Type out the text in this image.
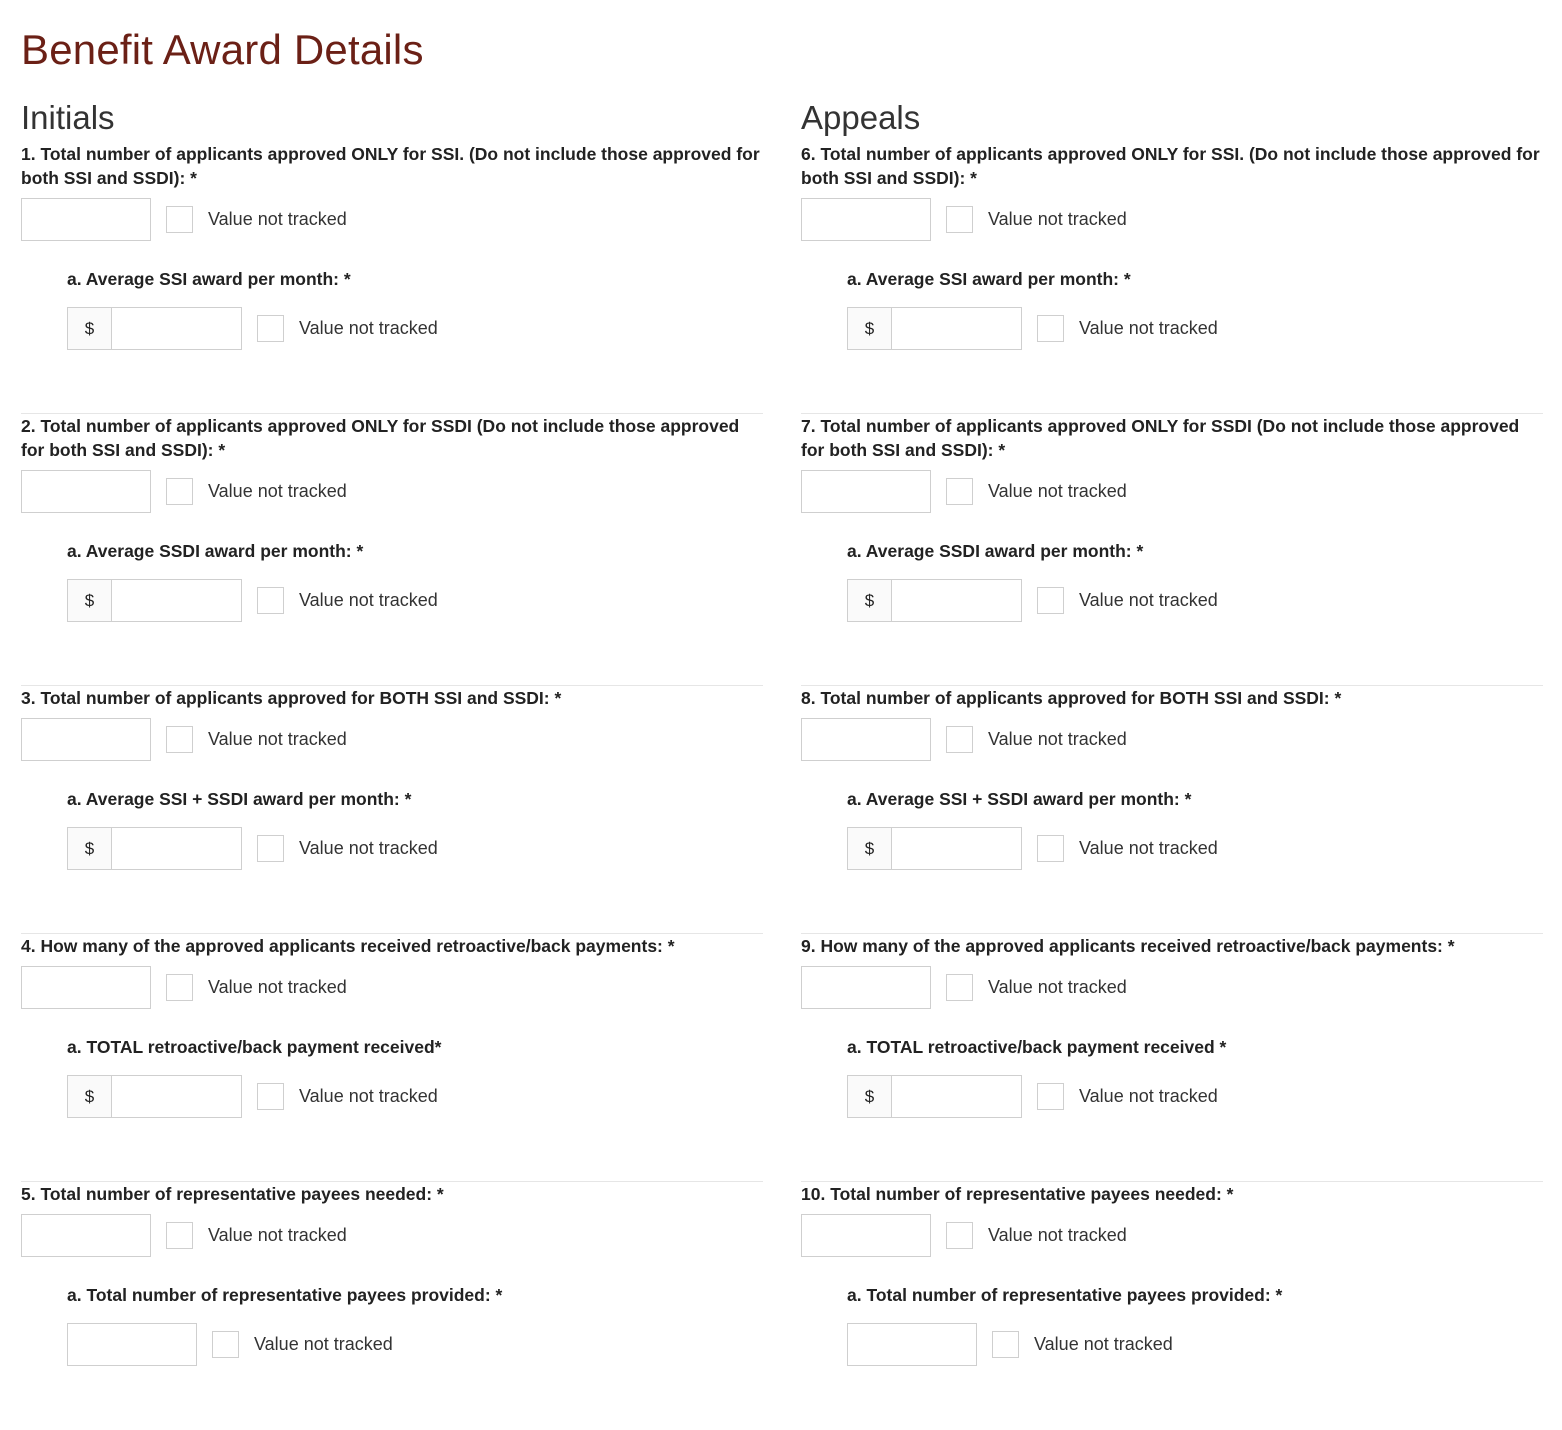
Benefit Award Details
Initials

1. Total number of applicants approved ONLY for SSI. (Do not include those approved for both SSI and SSDI): *

Value not tracked

a. Average SSI award per month: *

$	Value not tracked

2. Total number of applicants approved ONLY for SSDI (Do not include those approved for both SSI and SSDI): *

Value not tracked

a. Average SSDI award per month: *

$	Value not tracked

3. Total number of applicants approved for BOTH SSI and SSDI: *

Value not tracked

a. Average SSI + SSDI award per month: *

$	Value not tracked

4. How many of the approved applicants received retroactive/back payments: *

Value not tracked

a. TOTAL retroactive/back payment received*

$	Value not tracked

5. Total number of representative payees needed: *

Value not tracked

a. Total number of representative payees provided: *

Value not tracked
Appeals

6. Total number of applicants approved ONLY for SSI. (Do not include those approved for both SSI and SSDI): *

Value not tracked

a. Average SSI award per month: *

$	Value not tracked

7. Total number of applicants approved ONLY for SSDI (Do not include those approved for both SSI and SSDI): *

Value not tracked

a. Average SSDI award per month: *

$	Value not tracked

8. Total number of applicants approved for BOTH SSI and SSDI: *

Value not tracked

a. Average SSI + SSDI award per month: *

$	Value not tracked

9. How many of the approved applicants received retroactive/back payments: *

Value not tracked

a. TOTAL retroactive/back payment received *

$	Value not tracked

10. Total number of representative payees needed: *

Value not tracked

a. Total number of representative payees provided: *

Value not tracked
